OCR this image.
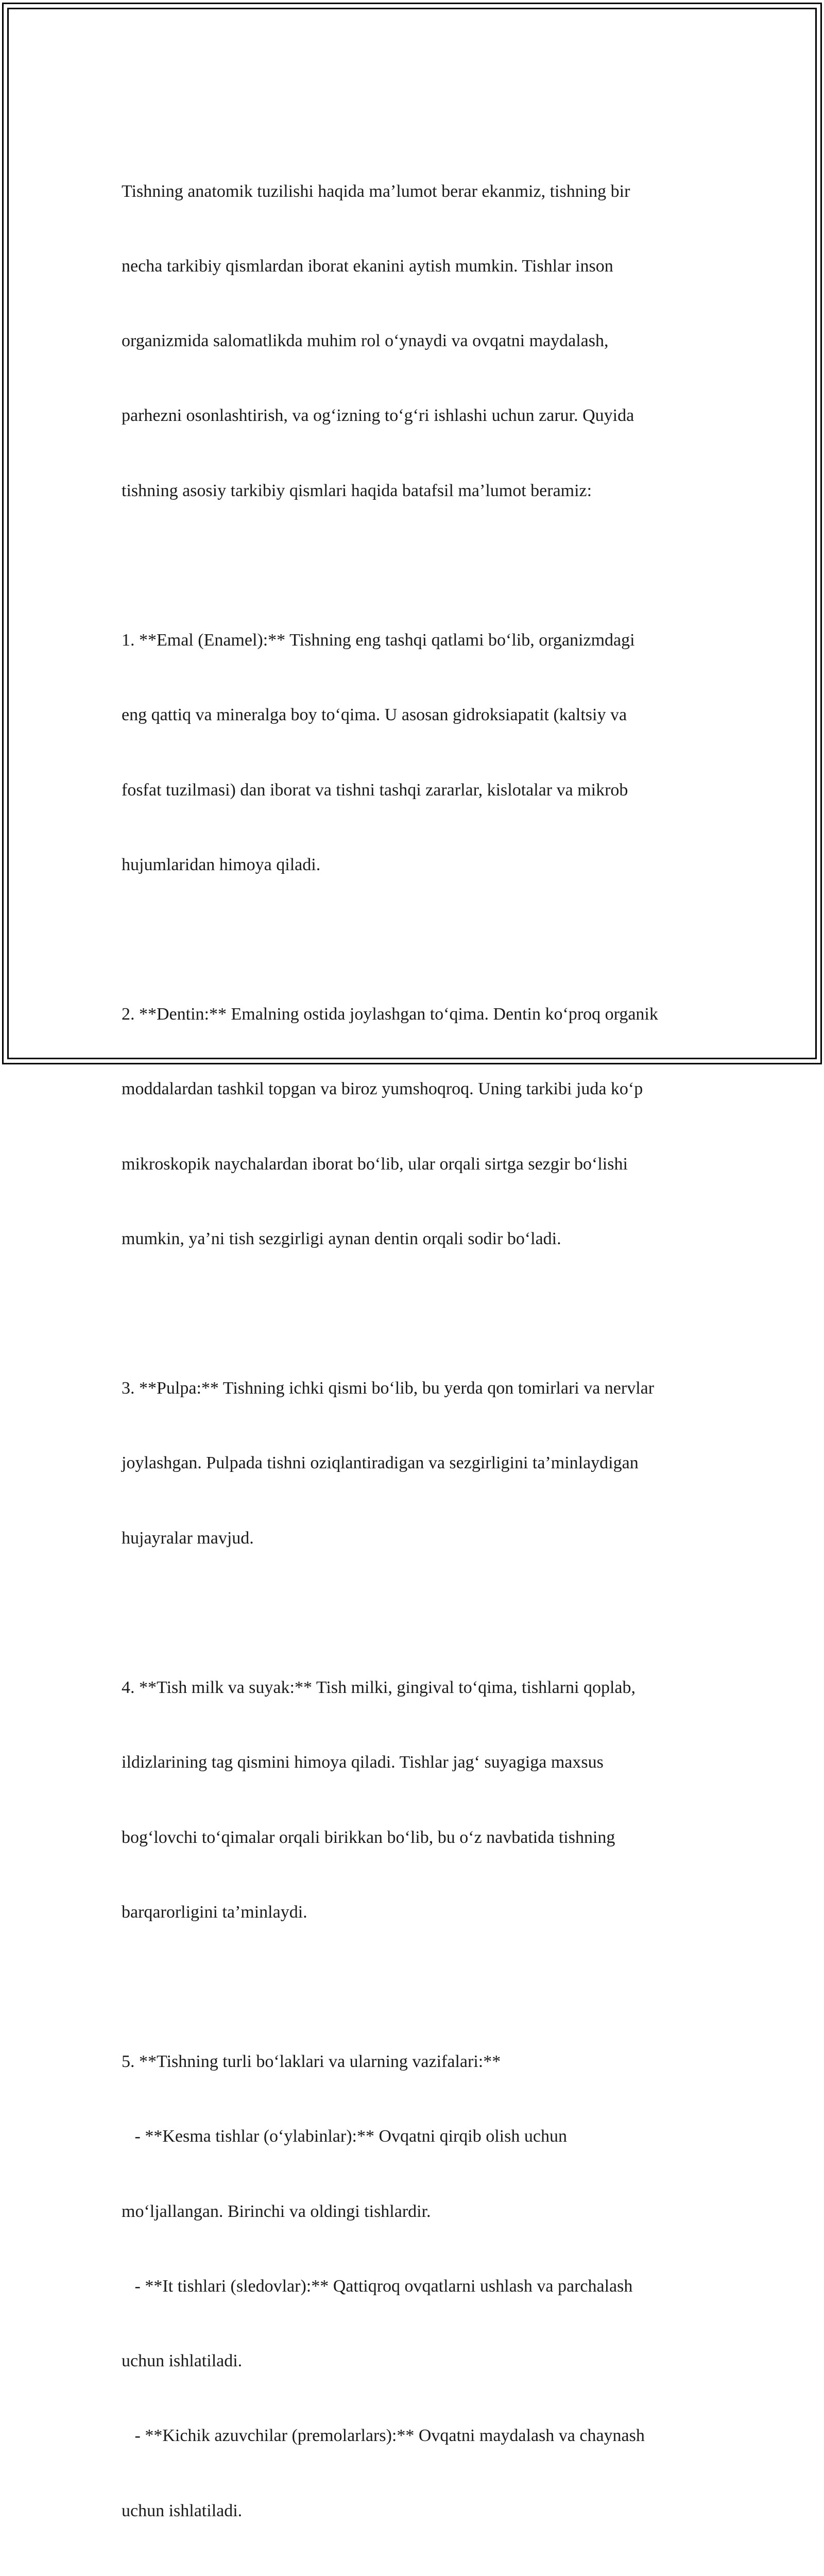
Tishning anatomik tuzilishi haqida ma’lumot berar ekanmiz, tishning bir

necha tarkibiy qismlardan iborat ekanini aytish mumkin. Tishlar inson

organizmida salomatlikda muhim rol o‘ynaydi va ovqatni maydalash,

parhezni osonlashtirish, va og‘izning to‘g‘ri ishlashi uchun zarur. Quyida

tishning asosiy tarkibiy qismlari haqida batafsil ma’lumot beramiz:

1. **Emal (Enamel):** Tishning eng tashqi qatlami bo‘lib, organizmdagi

eng qattiq va mineralga boy to‘qima. U asosan gidroksiapatit (kaltsiy va

fosfat tuzilmasi) dan iborat va tishni tashqi zararlar, kislotalar va mikrob

hujumlaridan himoya qiladi.

2. **Dentin:** Emalning ostida joylashgan to‘qima. Dentin ko‘proq organik

moddalardan tashkil topgan va biroz yumshoqroq. Uning tarkibi juda ko‘p

mikroskopik naychalardan iborat bo‘lib, ular orqali sirtga sezgir bo‘lishi

mumkin, ya’ni tish sezgirligi aynan dentin orqali sodir bo‘ladi.

3. **Pulpa:** Tishning ichki qismi bo‘lib, bu yerda qon tomirlari va nervlar

joylashgan. Pulpada tishni oziqlantiradigan va sezgirligini ta’minlaydigan

hujayralar mavjud.

4. **Tish milk va suyak:** Tish milki, gingival to‘qima, tishlarni qoplab,

ildizlarining tag qismini himoya qiladi. Tishlar jag‘ suyagiga maxsus

bog‘lovchi to‘qimalar orqali birikkan bo‘lib, bu o‘z navbatida tishning

barqarorligini ta’minlaydi.

5. **Tishning turli bo‘laklari va ularning vazifalari:**

- **Kesma tishlar (o‘ylabinlar):** Ovqatni qirqib olish uchun

mo‘ljallangan. Birinchi va oldingi tishlardir.

- **It tishlari (sledovlar):** Qattiqroq ovqatlarni ushlash va parchalash

uchun ishlatiladi.

- **Kichik azuvchilar (premolarlars):** Ovqatni maydalash va chaynash

uchun ishlatiladi.
